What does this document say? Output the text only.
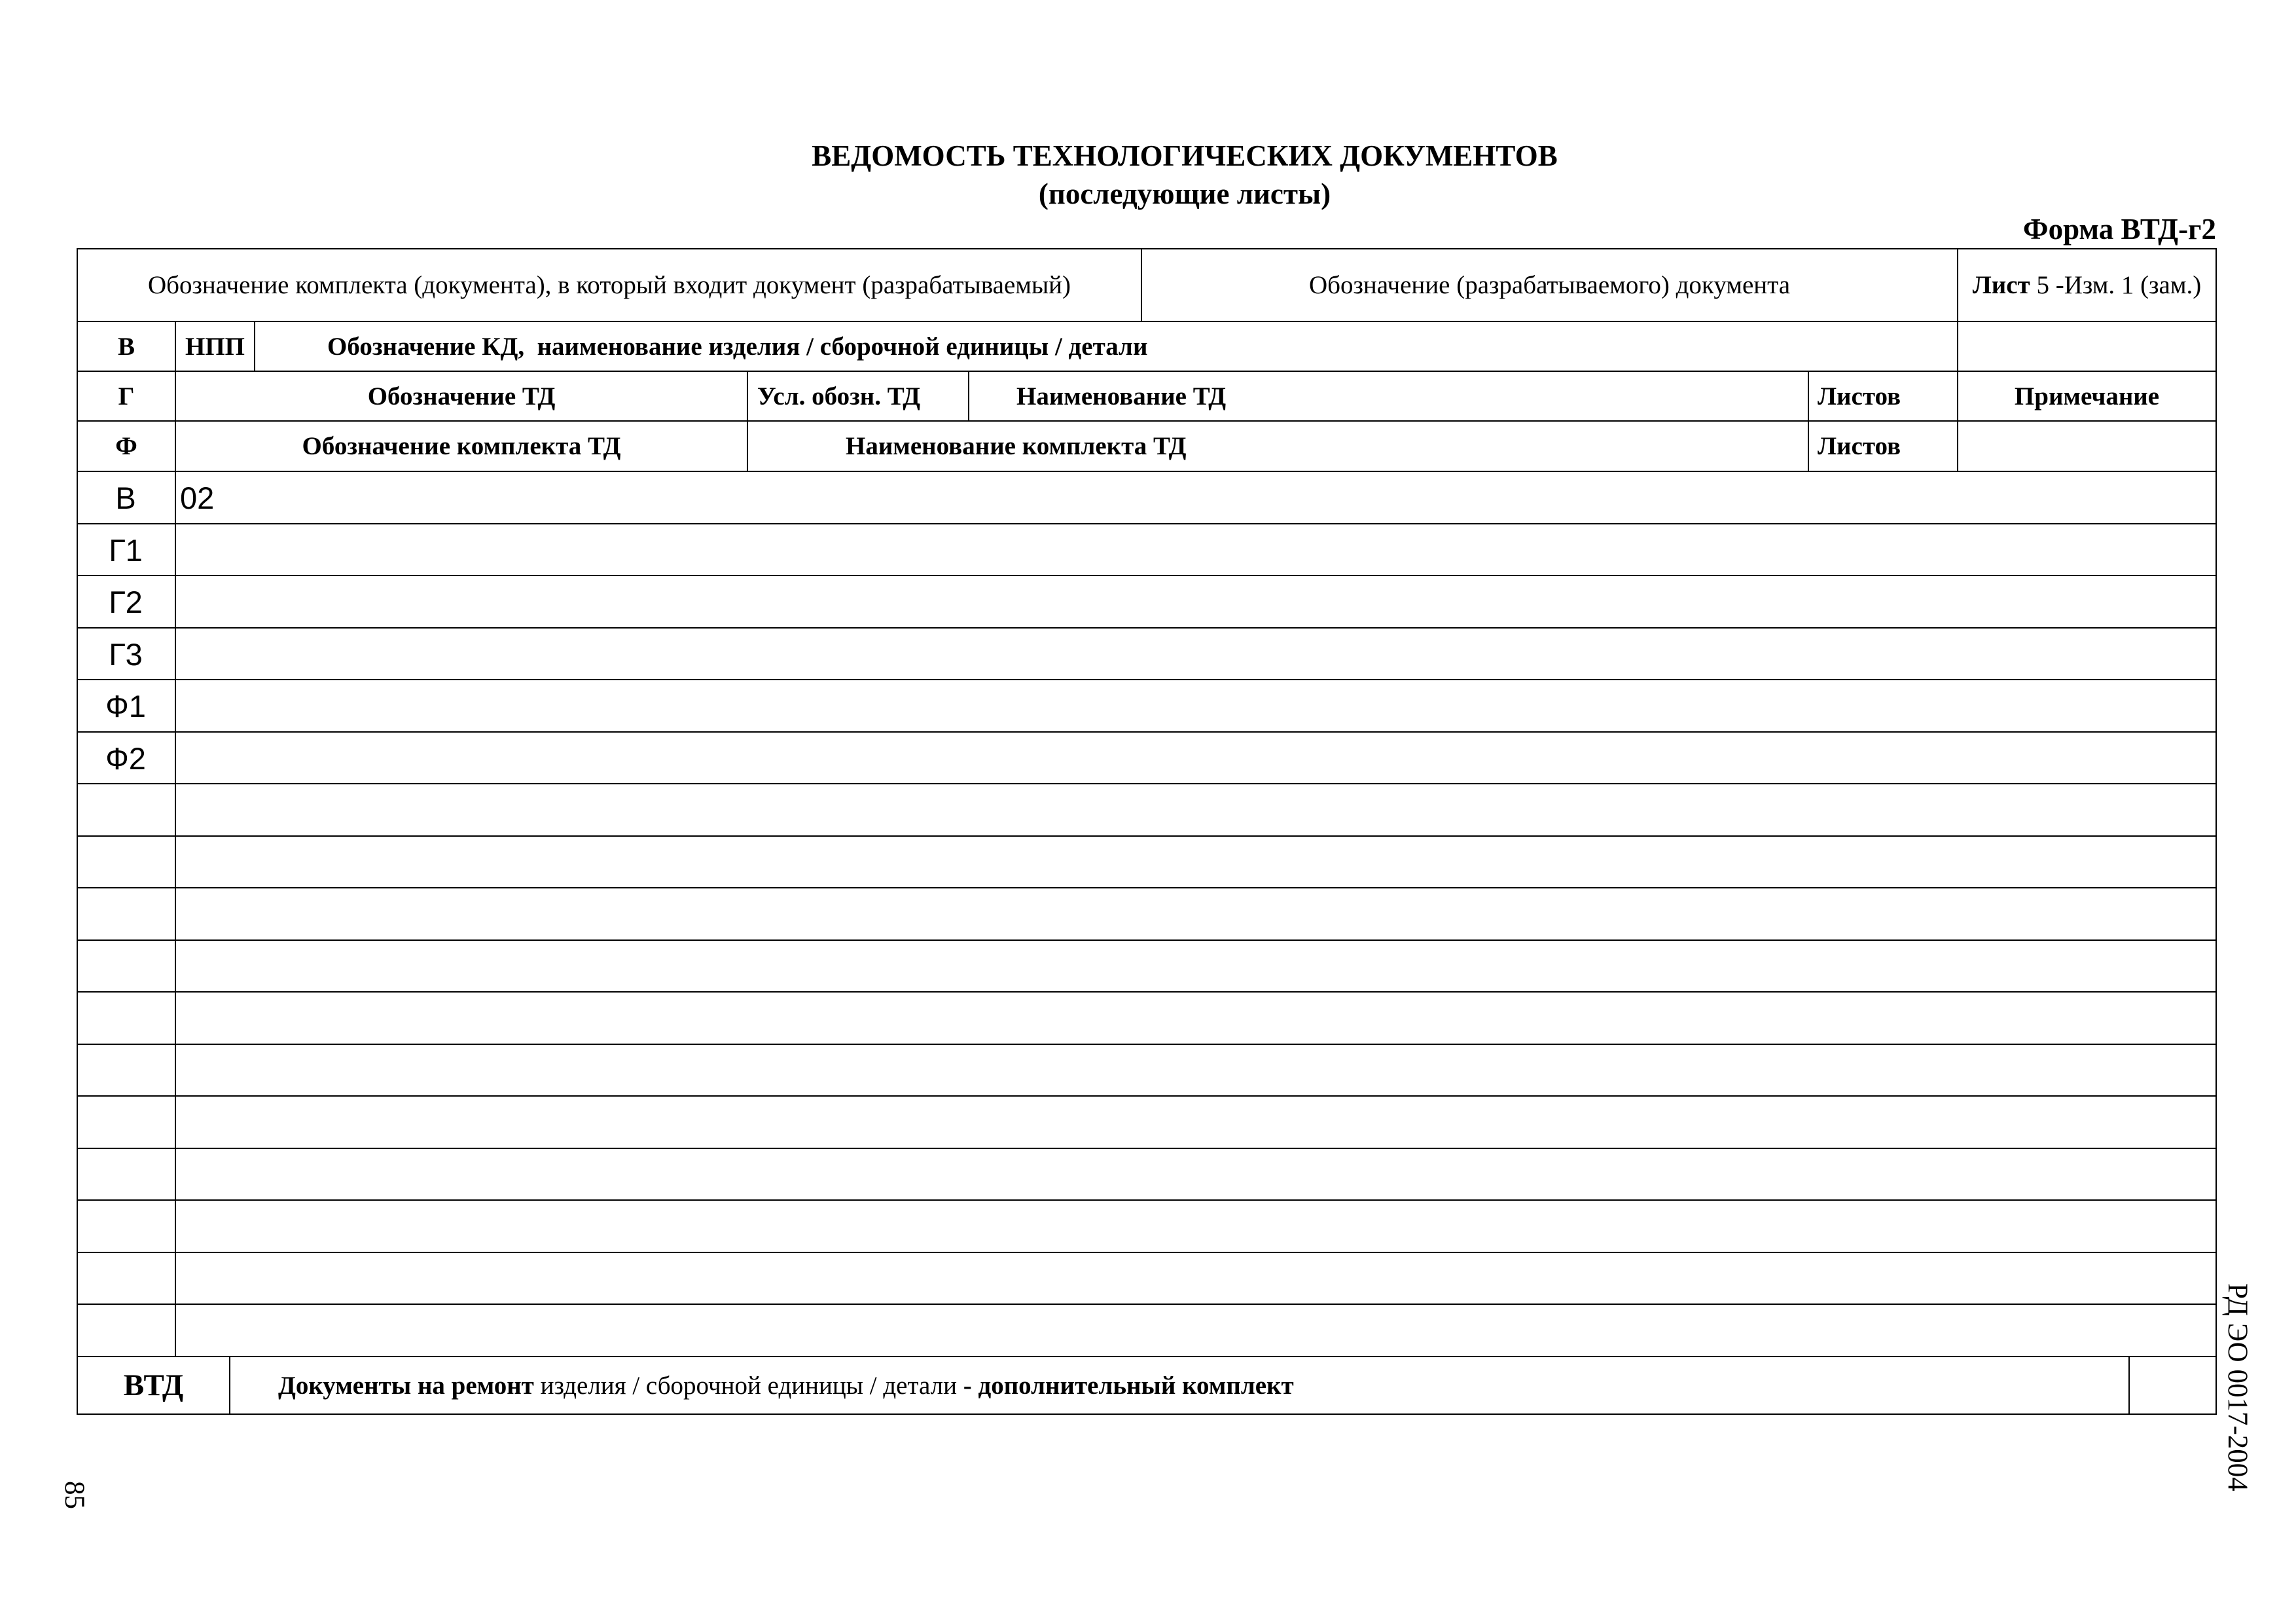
ВЕДОМОСТЬ ТЕХНОЛОГИЧЕСКИХ ДОКУМЕНТОВ
(последующие листы)
Форма ВТД-г2
Обозначение комплекта (документа), в который входит документ (разрабатываемый)	Обозначение (разрабатываемого) документа	Лист 5 -Изм. 1 (зам.)
В	НПП	Обозначение КД,  наименование изделия / сборочной единицы / детали
Г	Обозначение ТД	Усл. обозн. ТД	Наименование ТД	Листов	Примечание
Ф	Обозначение комплекта ТД	Наименование комплекта ТД	Листов
В	02
Г1
Г2
Г3
Ф1
Ф2
ВТД	Документы на ремонт изделия / сборочной единицы / детали - дополнительный комплект
85
РД ЭО 0017-2004
